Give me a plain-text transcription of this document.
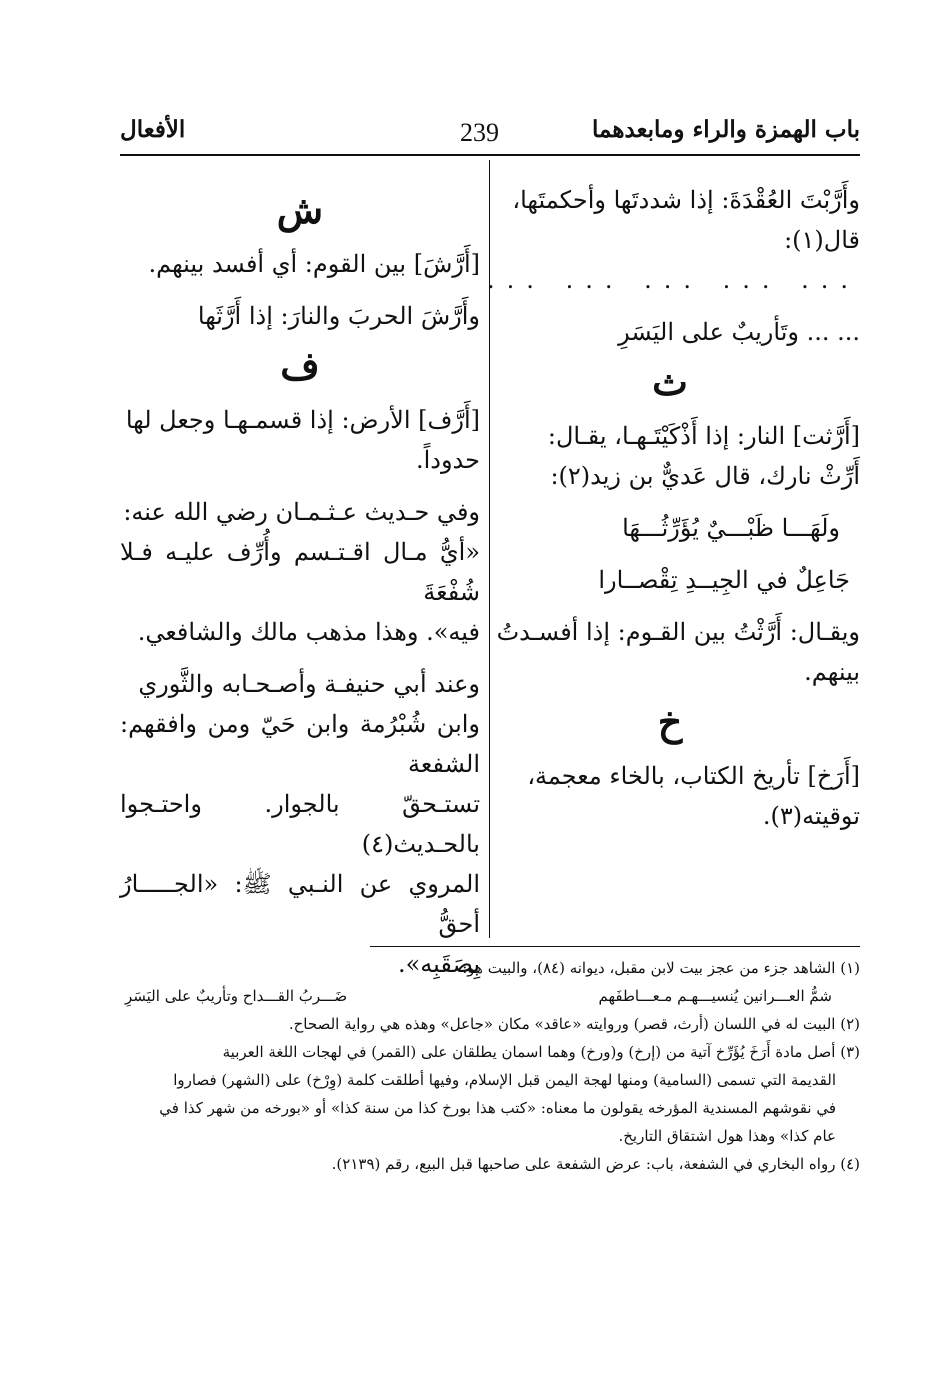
باب الهمزة والراء ومابعدهما
239
الأفعال

وأَرَّبْتَ العُقْدَةَ: إذا شددتَها وأحكمتَها،

قال(١):

... ... ... ... ...

... ... وتَأريبٌ على اليَسَرِ

ث

[أَرَّثت] النار: إذا أَذْكَيْتَـهـا، يقـال:

أَرِّثْ نارك، قال عَديٌّ بن زيد(٢):

ولَهَـــا ظَبْـــيٌ يُؤَرِّثُـــهَا

جَاعِلٌ في الجِيــدِ تِقْصــارا

ويقـال: أَرَّثْتُ بين القـوم: إذا أفسـدتُ

بينهم.

خ

[أَرَخ] تأريخ الكتاب، بالخاء معجمة،

توقيته(٣).

ش

[أَرَّشَ] بين القوم: أي أفسد بينهم.

وأَرَّشَ الحربَ والنارَ: إذا أَرَّثَها

ف

[أَرَّف] الأرض: إذا قسمـهـا وجعل لها

حدوداً.

وفي حـديث عـثـمـان رضي الله عنه:

«أيُّ مـال اقـتـسم وأُرِّف عليـه فـلا شُفْعَةَ

فيه». وهذا مذهب مالك والشافعي.

وعند أبي حنيفـة وأصـحـابه والثَّوري

وابن شُبْرُمة وابن حَيّ ومن وافقهم: الشفعة

تستـحقّ بالجوار. واحتـجوا بالحـديث(٤)

المروي عن النـبي ﷺ: «الجـــــارُ أحقُّ

بِصَقَبِه».

(١) الشاهد جزء من عجز بيت لابن مقبل، ديوانه (٨٤)، والبيت هو:

شمُّ العـــرانين يُنسيـــهـم مـعـــاطفَهم
ضَـــربُ القـــداح وتأريبٌ على اليَسَرِ

(٢) البيت له في اللسان (أرث، قصر) وروايته «عاقد» مكان «جاعل» وهذه هي رواية الصحاح.

(٣) أصل مادة أَرَخَ يُؤَرِّخ آتية من (إرخ) و(ورخ) وهما اسمان يطلقان على (القمر) في لهجات اللغة العربية

القديمة التي تسمى (السامية) ومنها لهجة اليمن قبل الإسلام، وفيها أطلقت كلمة (وِرْخ) على (الشهر) فصاروا

في نقوشهم المسندية المؤرخه يقولون ما معناه: «كتب هذا بورخ كذا من سنة كذا» أو «بورخه من شهر كذا في

عام كذا» وهذا هول اشتقاق التاريخ.

(٤) رواه البخاري في الشفعة، باب: عرض الشفعة على صاحبها قبل البيع، رقم (٢١٣٩).
